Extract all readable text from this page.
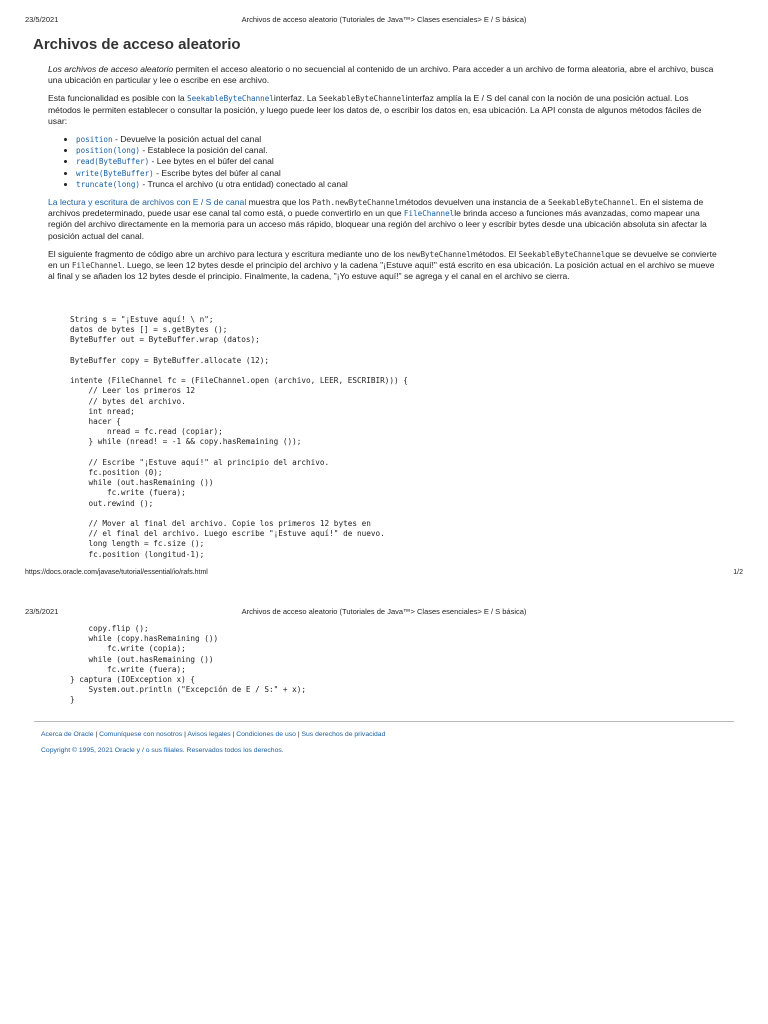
23/5/2021	Archivos de acceso aleatorio (Tutoriales de Java™> Clases esenciales> E / S básica)
Archivos de acceso aleatorio

Los archivos de acceso aleatorio permiten el acceso aleatorio o no secuencial al contenido de un archivo. Para acceder a un archivo de forma aleatoria, abre el archivo, busca una ubicación en particular y lee o escribe en ese archivo.

Esta funcionalidad es posible con la SeekableByteChannelinterfaz. La SeekableByteChannelinterfaz amplía la E / S del canal con la noción de una posición actual. Los métodos le permiten establecer o consultar la posición, y luego puede leer los datos de, o escribir los datos en, esa ubicación. La API consta de algunos métodos fáciles de usar:

• position - Devuelve la posición actual del canal
• position(long) - Establece la posición del canal.
• read(ByteBuffer) - Lee bytes en el búfer del canal
• write(ByteBuffer) - Escribe bytes del búfer al canal
• truncate(long) - Trunca el archivo (u otra entidad) conectado al canal

La lectura y escritura de archivos con E / S de canal muestra que los Path.newByteChannelmétodos devuelven una instancia de a SeekableByteChannel. En el sistema de archivos predeterminado, puede usar ese canal tal como está, o puede convertirlo en un que FileChannelle brinda acceso a funciones más avanzadas, como mapear una región del archivo directamente en la memoria para un acceso más rápido, bloquear una región del archivo o leer y escribir bytes desde una ubicación absoluta sin afectar la posición actual del canal.

El siguiente fragmento de código abre un archivo para lectura y escritura mediante uno de los newByteChannelmétodos. El SeekableByteChannelque se devuelve se convierte en un FileChannel. Luego, se leen 12 bytes desde el principio del archivo y la cadena "¡Estuve aquí!" está escrito en esa ubicación. La posición actual en el archivo se mueve al final y se añaden los 12 bytes desde el principio. Finalmente, la cadena, "¡Yo estuve aquí!" se agrega y el canal en el archivo se cierra.

String s = "¡Estuve aquí! \ n";
datos de bytes [] = s.getBytes ();
ByteBuffer out = ByteBuffer.wrap (datos);

ByteBuffer copy = ByteBuffer.allocate (12);

intente (FileChannel fc = (FileChannel.open (archivo, LEER, ESCRIBIR))) {
// Leer los primeros 12
// bytes del archivo.
int nread;
hacer {
nread = fc.read (copiar);
} while (nread! = -1 && copy.hasRemaining ());

// Escribe "¡Estuve aquí!" al principio del archivo.
fc.position (0);
while (out.hasRemaining ())
fc.write (fuera);
out.rewind ();

// Mover al final del archivo. Copie los primeros 12 bytes en
// el final del archivo. Luego escribe "¡Estuve aquí!" de nuevo.
long length = fc.size ();
fc.position (longitud-1);
https://docs.oracle.com/javase/tutorial/essential/io/rafs.html	1/2
23/5/2021	Archivos de acceso aleatorio (Tutoriales de Java™> Clases esenciales> E / S básica)
copy.flip ();
while (copy.hasRemaining ())
fc.write (copia);
while (out.hasRemaining ())
fc.write (fuera);
} captura (IOException x) {
System.out.println ("Excepción de E / S:" + x);
}
Acerca de Oracle | Comuníquese con nosotros | Avisos legales | Condiciones de uso | Sus derechos de privacidad
Copyright © 1995, 2021 Oracle y / o sus filiales. Reservados todos los derechos.
